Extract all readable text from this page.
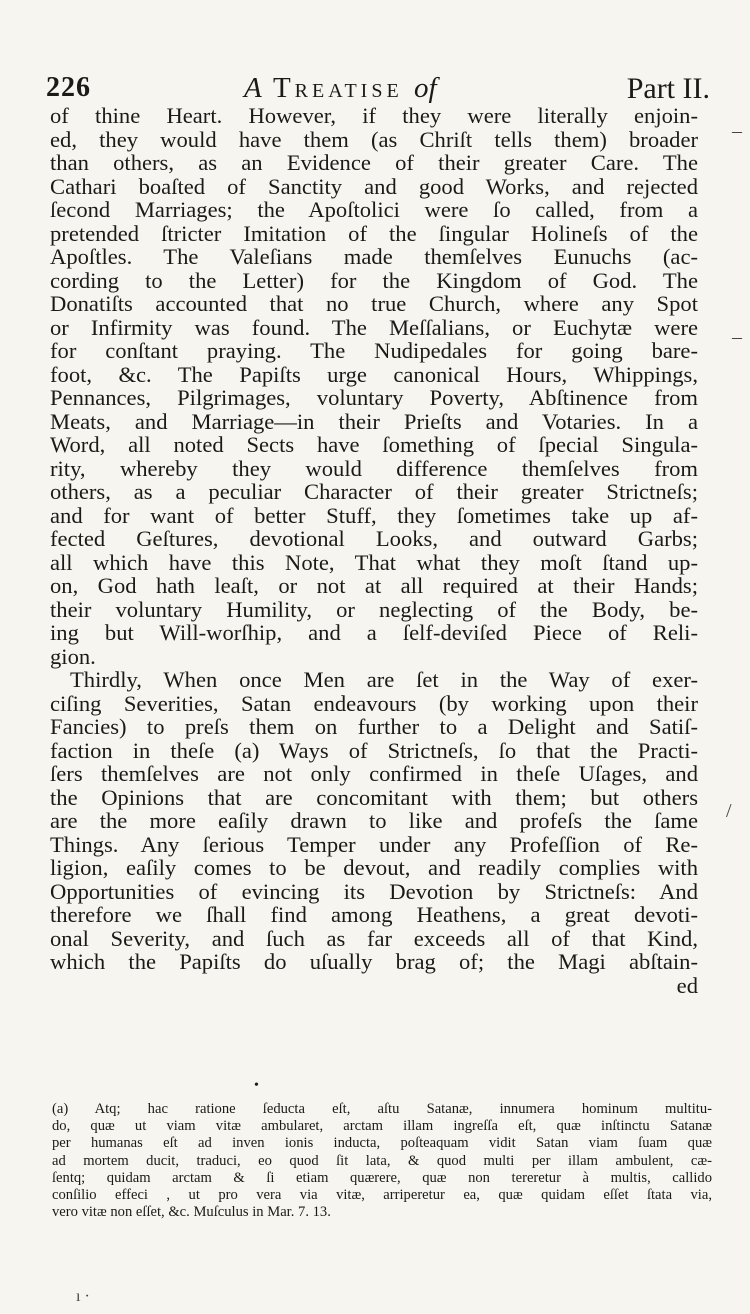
226	A Treatise of	Part II.
of thine Heart. However, if they were literally enjoin-
ed, they would have them (as Chriſt tells them) broader
than others, as an Evidence of their greater Care. The
Cathari boaſted of Sanctity and good Works, and rejected
ſecond Marriages; the Apoſtolici were ſo called, from a
pretended ſtricter Imitation of the ſingular Holineſs of the
Apoſtles. The Valeſians made themſelves Eunuchs (ac-
cording to the Letter) for the Kingdom of God. The
Donatiſts accounted that no true Church, where any Spot
or Infirmity was found. The Meſſalians, or Euchytæ were
for conſtant praying. The Nudipedales for going bare-
foot, &c. The Papiſts urge canonical Hours, Whippings,
Pennances, Pilgrimages, voluntary Poverty, Abſtinence from
Meats, and Marriage—in their Prieſts and Votaries. In a
Word, all noted Sects have ſomething of ſpecial Singula-
rity, whereby they would difference themſelves from
others, as a peculiar Character of their greater Strictneſs;
and for want of better Stuff, they ſometimes take up af-
fected Geſtures, devotional Looks, and outward Garbs;
all which have this Note, That what they moſt ſtand up-
on, God hath leaſt, or not at all required at their Hands;
their voluntary Humility, or neglecting of the Body, be-
ing but Will-worſhip, and a ſelf-deviſed Piece of Reli-
gion.
Thirdly, When once Men are ſet in the Way of exer-
ciſing Severities, Satan endeavours (by working upon their
Fancies) to preſs them on further to a Delight and Satiſ-
faction in theſe (a) Ways of Strictneſs, ſo that the Practi-
ſers themſelves are not only confirmed in theſe Uſages, and
the Opinions that are concomitant with them; but others
are the more eaſily drawn to like and profeſs the ſame
Things. Any ſerious Temper under any Profeſſion of Re-
ligion, eaſily comes to be devout, and readily complies with
Opportunities of evincing its Devotion by Strictneſs: And
therefore we ſhall find among Heathens, a great devoti-
onal Severity, and ſuch as far exceeds all of that Kind,
which the Papiſts do uſually brag of; the Magi abſtain-
ed
•
(a) Atq; hac ratione ſeducta eſt, aſtu Satanæ, innumera hominum multitu-
do, quæ ut viam vitæ ambularet, arctam illam ingreſſa eſt, quæ inſtinctu Satanæ
per humanas eſt ad inven ionis inducta, poſteaquam vidit Satan viam ſuam quæ
ad mortem ducit, traduci, eo quod ſit lata, & quod multi per illam ambulent, cæ-
ſentq; quidam arctam & ſi etiam quærere, quæ non tereretur à multis, callido
conſilio effeci , ut pro vera via vitæ, arriperetur ea, quæ quidam eſſet ſtata via,
vero vitæ non eſſet, &c. Muſculus in Mar. 7. 13.
–
–
/
ı ·
